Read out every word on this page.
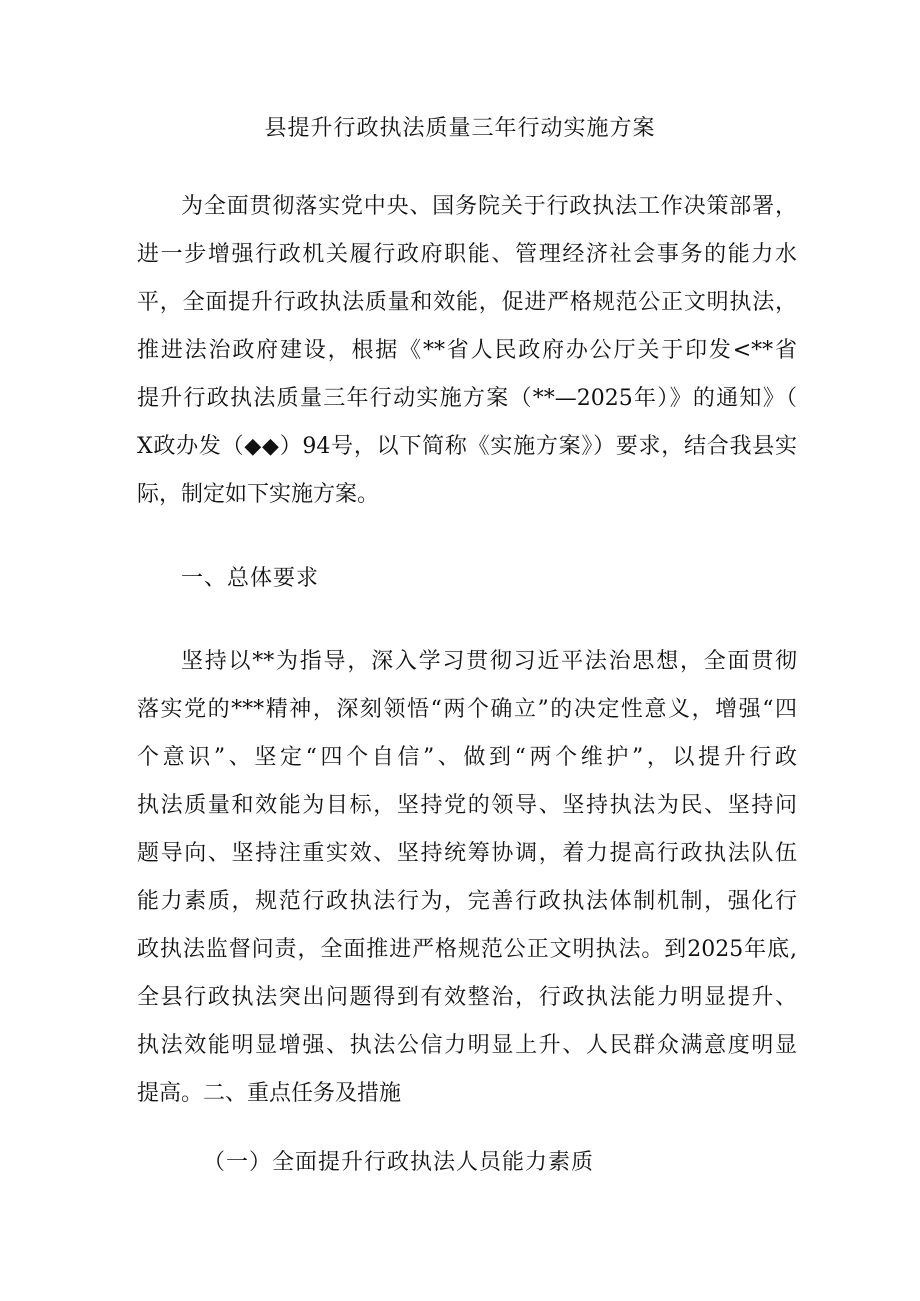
县提升行政执法质量三年行动实施方案
为全面贯彻落实党中央、国务院关于行政执法工作决策部署，
进一步增强行政机关履行政府职能、管理经济社会事务的能力水
平，全面提升行政执法质量和效能，促进严格规范公正文明执法，
推进法治政府建设，根据《**省人民政府办公厅关于印发<**省
提升行政执法质量三年行动实施方案（**—2025年）》的通知》（
X政办发（◆◆）94号，以下简称《实施方案》）要求，结合我县实
际，制定如下实施方案。
一、总体要求
坚持以**为指导，深入学习贯彻习近平法治思想，全面贯彻
落实党的***精神，深刻领悟“两个确立”的决定性意义，增强“四
个意识”、坚定“四个自信”、做到“两个维护”，以提升行政
执法质量和效能为目标，坚持党的领导、坚持执法为民、坚持问
题导向、坚持注重实效、坚持统筹协调，着力提高行政执法队伍
能力素质，规范行政执法行为，完善行政执法体制机制，强化行
政执法监督问责，全面推进严格规范公正文明执法。到2025年底,
全县行政执法突出问题得到有效整治，行政执法能力明显提升、
执法效能明显增强、执法公信力明显上升、人民群众满意度明显
提高。二、重点任务及措施
（一）全面提升行政执法人员能力素质
